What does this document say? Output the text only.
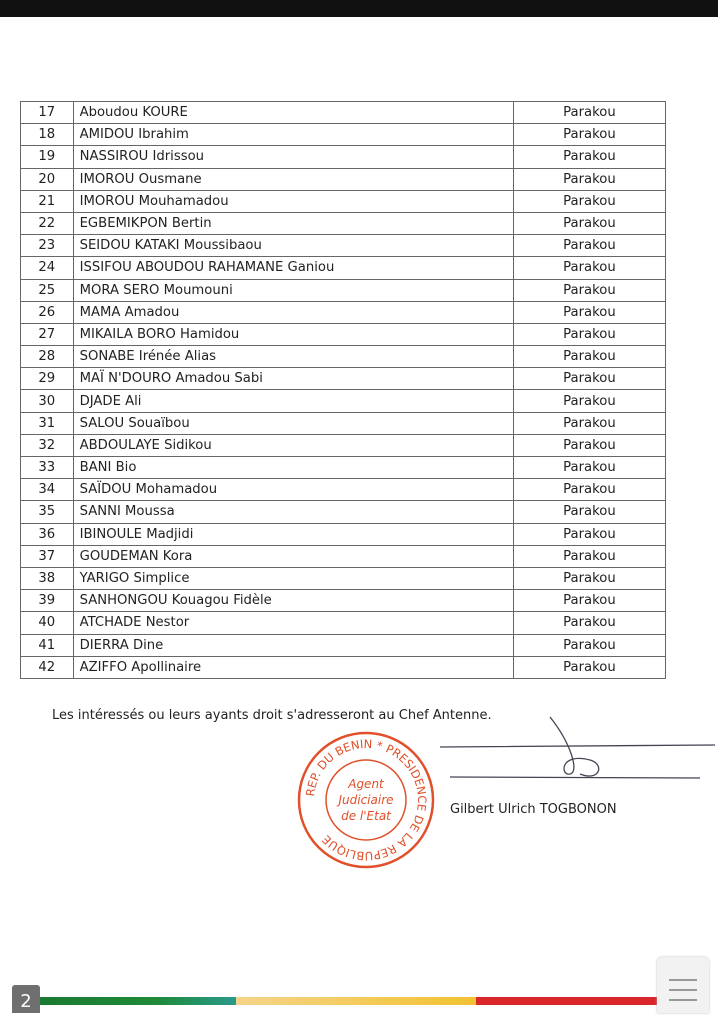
17	Aboudou KOURE	Parakou
18	AMIDOU Ibrahim	Parakou
19	NASSIROU Idrissou	Parakou
20	IMOROU Ousmane	Parakou
21	IMOROU Mouhamadou	Parakou
22	EGBEMIKPON Bertin	Parakou
23	SEIDOU KATAKI Moussibaou	Parakou
24	ISSIFOU ABOUDOU RAHAMANE Ganiou	Parakou
25	MORA SERO Moumouni	Parakou
26	MAMA Amadou	Parakou
27	MIKAILA BORO Hamidou	Parakou
28	SONABE Irénée Alias	Parakou
29	MAÏ N'DOURO Amadou Sabi	Parakou
30	DJADE Ali	Parakou
31	SALOU Souaïbou	Parakou
32	ABDOULAYE Sidikou	Parakou
33	BANI Bio	Parakou
34	SAÏDOU Mohamadou	Parakou
35	SANNI Moussa	Parakou
36	IBINOULE Madjidi	Parakou
37	GOUDEMAN Kora	Parakou
38	YARIGO Simplice	Parakou
39	SANHONGOU Kouagou Fidèle	Parakou
40	ATCHADE Nestor	Parakou
41	DIERRA Dine	Parakou
42	AZIFFO Apollinaire	Parakou
Les intéressés ou leurs ayants droit s'adresseront au Chef Antenne.
REP. DU BENIN * PRESIDENCE DE LA REPUBLIQUE
Agent
Judiciaire
de l'Etat	Gilbert Ulrich TOGBONON
2
